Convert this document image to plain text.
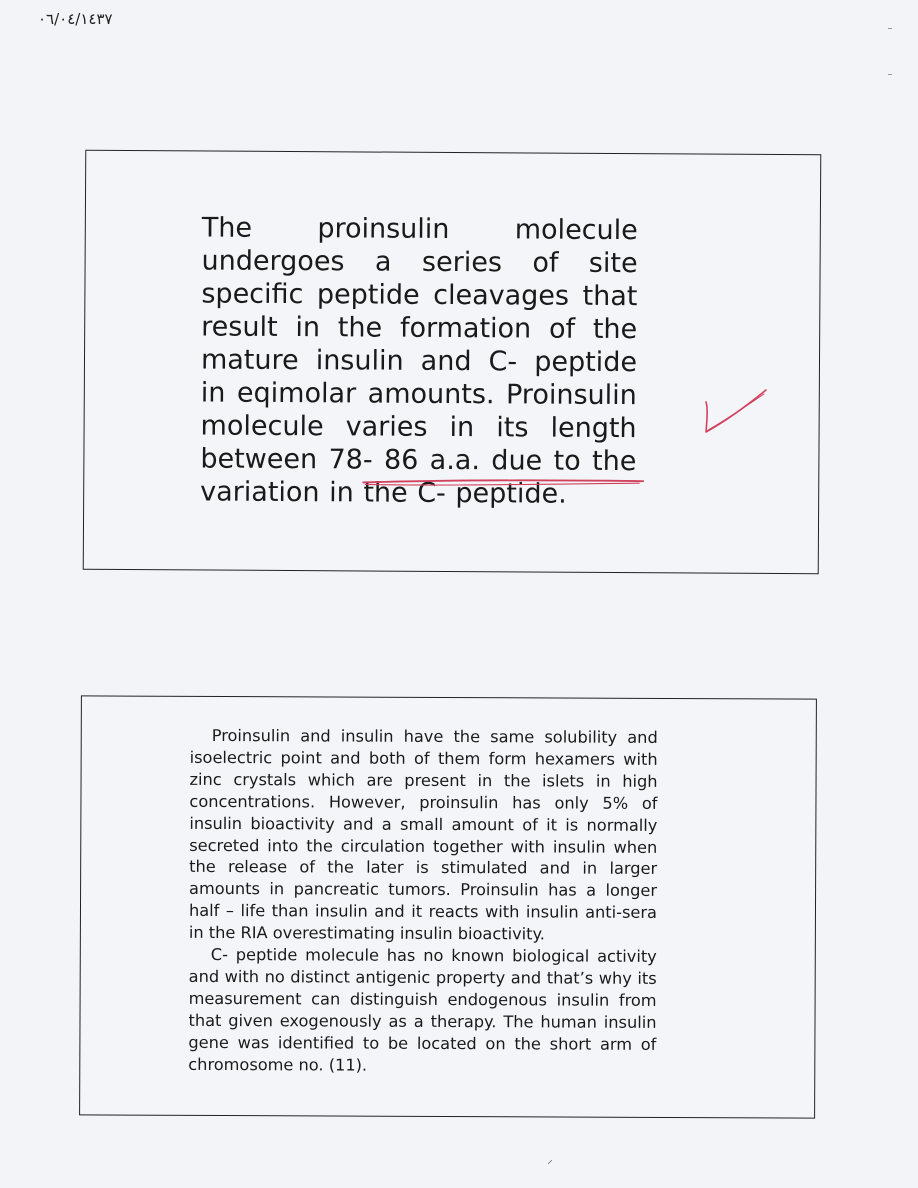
٠٦/٠٤/١٤٣٧
The proinsulin molecule undergoes a series of site specific peptide cleavages that result in the formation of the mature insulin and C- peptide in eqimolar amounts. Proinsulin molecule varies in its length between 78- 86 a.a. due to the variation in the C- peptide.

Proinsulin and insulin have the same solubility and isoelectric point and both of them form hexamers with zinc crystals which are present in the islets in high concentrations. However, proinsulin has only 5% of insulin bioactivity and a small amount of it is normally secreted into the circulation together with insulin when the release of the later is stimulated and in larger amounts in pancreatic tumors. Proinsulin has a longer half – life than insulin and it reacts with insulin anti-sera in the RIA overestimating insulin bioactivity.

C- peptide molecule has no known biological activity and with no distinct antigenic property and that’s why its measurement can distinguish endogenous insulin from that given exogenously as a therapy. The human insulin gene was identified to be located on the short arm of chromosome no. (11).
